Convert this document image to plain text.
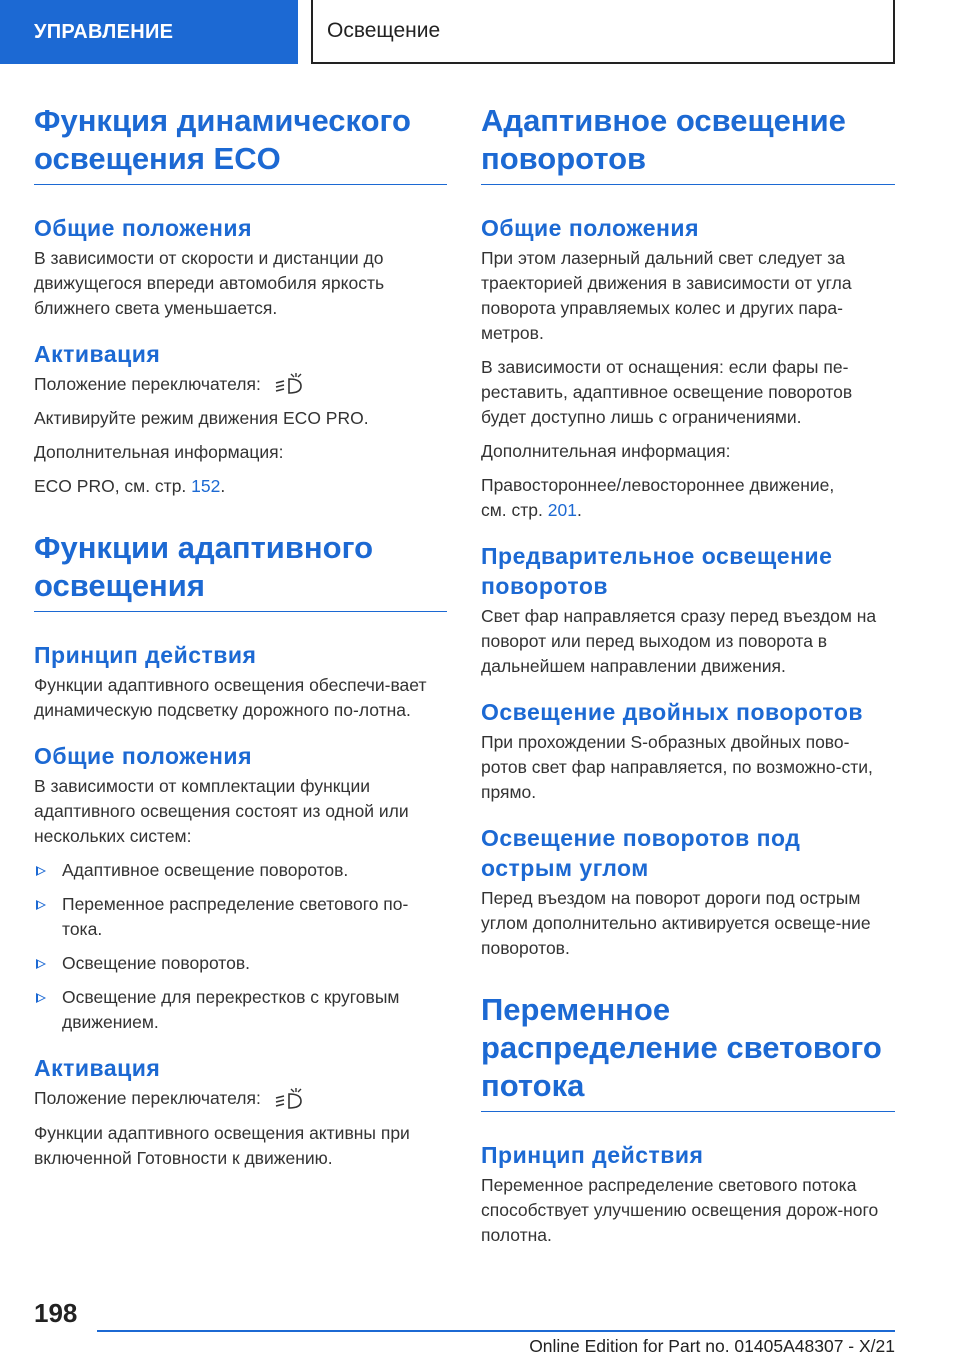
УПРАВЛЕНИЕ	Освещение
Функция динамического освещения ECO
Общие положения

В зависимости от скорости и дистанции до движущегося впереди автомобиля яркость ближнего света уменьшается.

Активация

Положение переключателя:

Активируйте режим движения ECO PRO.

Дополнительная информация:

ECO PRO, см. стр. 152.

Функции адаптивного освещения
Принцип действия

Функции адаптивного освещения обеспечи-вает динамическую подсветку дорожного по-лотна.

Общие положения

В зависимости от комплектации функции адаптивного освещения состоят из одной или нескольких систем:

Адаптивное освещение поворотов.
Переменное распределение светового по-тока.
Освещение поворотов.
Освещение для перекрестков с круговым движением.
Активация

Положение переключателя:

Функции адаптивного освещения активны при включенной Готовности к движению.

Адаптивное освещение поворотов
Общие положения

При этом лазерный дальний свет следует за траекторией движения в зависимости от угла поворота управляемых колес и других пара-метров.

В зависимости от оснащения: если фары пе-реставить, адаптивное освещение поворотов будет доступно лишь с ограничениями.

Дополнительная информация:

Правостороннее/левостороннее движение,
см. стр. 201.

Предварительное освещение поворотов

Свет фар направляется сразу перед въездом на поворот или перед выходом из поворота в дальнейшем направлении движения.

Освещение двойных поворотов

При прохождении S-образных двойных пово-ротов свет фар направляется, по возможно-сти, прямо.

Освещение поворотов под острым углом

Перед въездом на поворот дороги под острым углом дополнительно активируется освеще-ние поворотов.

Переменное распределение светового потока
Принцип действия

Переменное распределение светового потока способствует улучшению освещения дорож-ного полотна.

198
Online Edition for Part no. 01405A48307 - X/21
